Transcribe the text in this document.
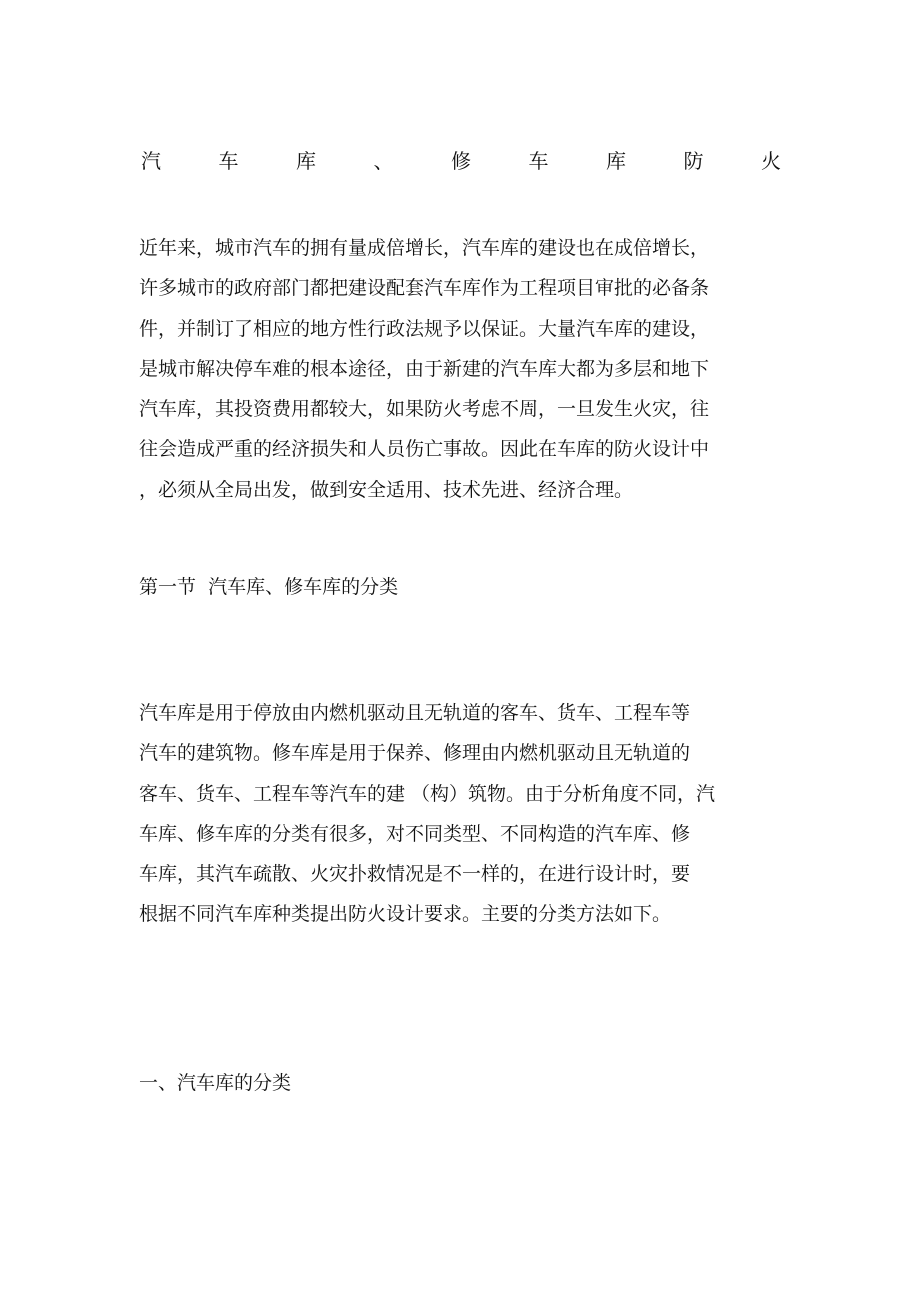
汽	车	库	、	修	车	库	防	火

近年来，城市汽车的拥有量成倍增长，汽车库的建设也在成倍增长，
许多城市的政府部门都把建设配套汽车库作为工程项目审批的必备条
件，并制订了相应的地方性行政法规予以保证。大量汽车库的建设，
是城市解决停车难的根本途径，由于新建的汽车库大都为多层和地下
汽车库，其投资费用都较大，如果防火考虑不周，一旦发生火灾，往
往会造成严重的经济损失和人员伤亡事故。因此在车库的防火设计中
，必须从全局出发，做到安全适用、技术先进、经济合理。

第一节  汽车库、修车库的分类

汽车库是用于停放由内燃机驱动且无轨道的客车、货车、工程车等
汽车的建筑物。修车库是用于保养、修理由内燃机驱动且无轨道的
客车、货车、工程车等汽车的建 （构）筑物。由于分析角度不同，汽
车库、修车库的分类有很多，对不同类型、不同构造的汽车库、修
车库，其汽车疏散、火灾扑救情况是不一样的，在进行设计时，要
根据不同汽车库种类提出防火设计要求。主要的分类方法如下。

一、汽车库的分类
